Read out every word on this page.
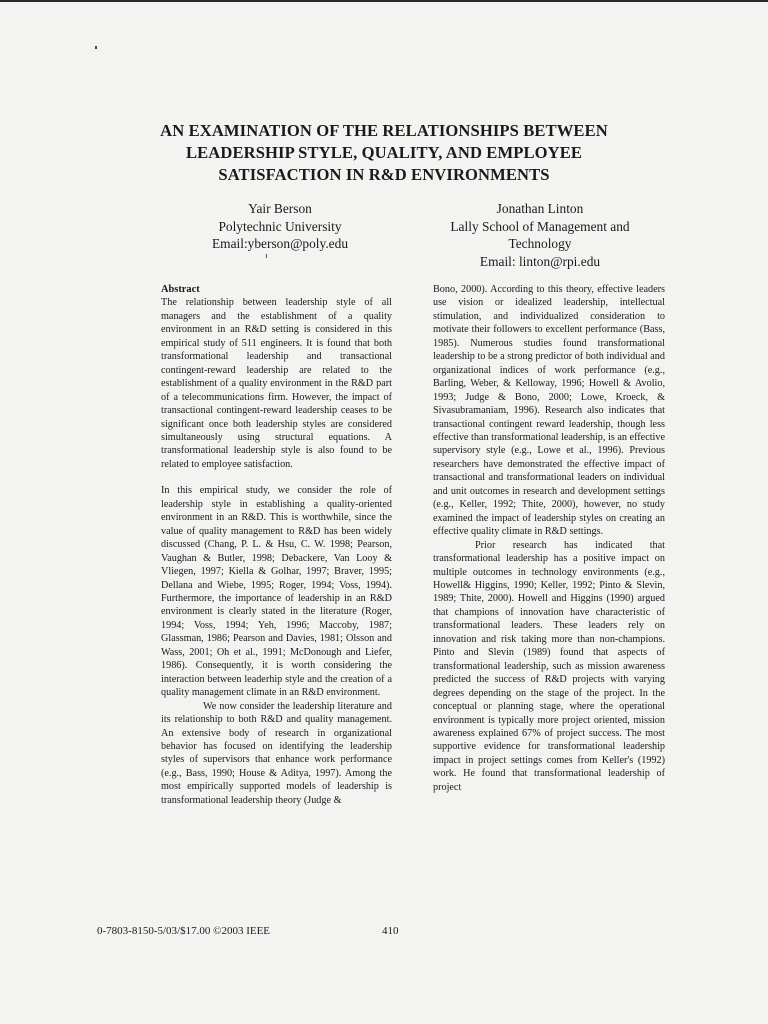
AN EXAMINATION OF THE RELATIONSHIPS BETWEEN
LEADERSHIP STYLE, QUALITY, AND EMPLOYEE
SATISFACTION IN R&D ENVIRONMENTS
Yair Berson
Polytechnic University
Email:yberson@poly.edu
Jonathan Linton
Lally School of Management and
Technology
Email: linton@rpi.edu
Abstract

The relationship between leadership style of all managers and the establishment of a quality environment in an R&D setting is considered in this empirical study of 511 engineers. It is found that both transformational leadership and transactional contingent-reward leadership are related to the establishment of a quality environment in the R&D part of a telecommunications firm. However, the impact of transactional contingent-reward leadership ceases to be significant once both leadership styles are considered simultaneously using structural equations. A transformational leadership style is also found to be related to employee satisfaction.

In this empirical study, we consider the role of leadership style in establishing a quality-oriented environment in an R&D. This is worthwhile, since the value of quality management to R&D has been widely discussed (Chang, P. L. & Hsu, C. W. 1998; Pearson, Vaughan & Butler, 1998; Debackere, Van Looy & Vliegen, 1997; Kiella & Golhar, 1997; Braver, 1995; Dellana and Wiebe, 1995; Roger, 1994; Voss, 1994). Furthermore, the importance of leadership in an R&D environment is clearly stated in the literature (Roger, 1994; Voss, 1994; Yeh, 1996; Maccoby, 1987; Glassman, 1986; Pearson and Davies, 1981; Olsson and Wass, 2001; Oh et al., 1991; McDonough and Liefer, 1986). Consequently, it is worth considering the interaction between leaderhip style and the creation of a quality management climate in an R&D environment.

We now consider the leadership literature and its relationship to both R&D and quality management. An extensive body of research in organizational behavior has focused on identifying the leadership styles of supervisors that enhance work performance (e.g., Bass, 1990; House & Aditya, 1997). Among the most empirically supported models of leadership is transformational leadership theory (Judge &

Bono, 2000). According to this theory, effective leaders use vision or idealized leadership, intellectual stimulation, and individualized consideration to motivate their followers to excellent performance (Bass, 1985). Numerous studies found transformational leadership to be a strong predictor of both individual and organizational indices of work performance (e.g., Barling, Weber, & Kelloway, 1996; Howell & Avolio, 1993; Judge & Bono, 2000; Lowe, Kroeck, & Sivasubramaniam, 1996). Research also indicates that transactional contingent reward leadership, though less effective than transformational leadership, is an effective supervisory style (e.g., Lowe et al., 1996). Previous researchers have demonstrated the effective impact of transactional and transformational leaders on individual and unit outcomes in research and development settings (e.g., Keller, 1992; Thite, 2000), however, no study examined the impact of leadership styles on creating an effective quality climate in R&D settings.

Prior research has indicated that transformational leadership has a positive impact on multiple outcomes in technology environments (e.g., Howell& Higgins, 1990; Keller, 1992; Pinto & Slevin, 1989; Thite, 2000). Howell and Higgins (1990) argued that champions of innovation have characteristic of transformational leaders. These leaders rely on innovation and risk taking more than non-champions. Pinto and Slevin (1989) found that aspects of transformational leadership, such as mission awareness predicted the success of R&D projects with varying degrees depending on the stage of the project. In the conceptual or planning stage, where the operational environment is typically more project oriented, mission awareness explained 67% of project success. The most supportive evidence for transformational leadership impact in project settings comes from Keller's (1992) work. He found that transformational leadership of project

0-7803-8150-5/03/$17.00 ©2003 IEEE	410
